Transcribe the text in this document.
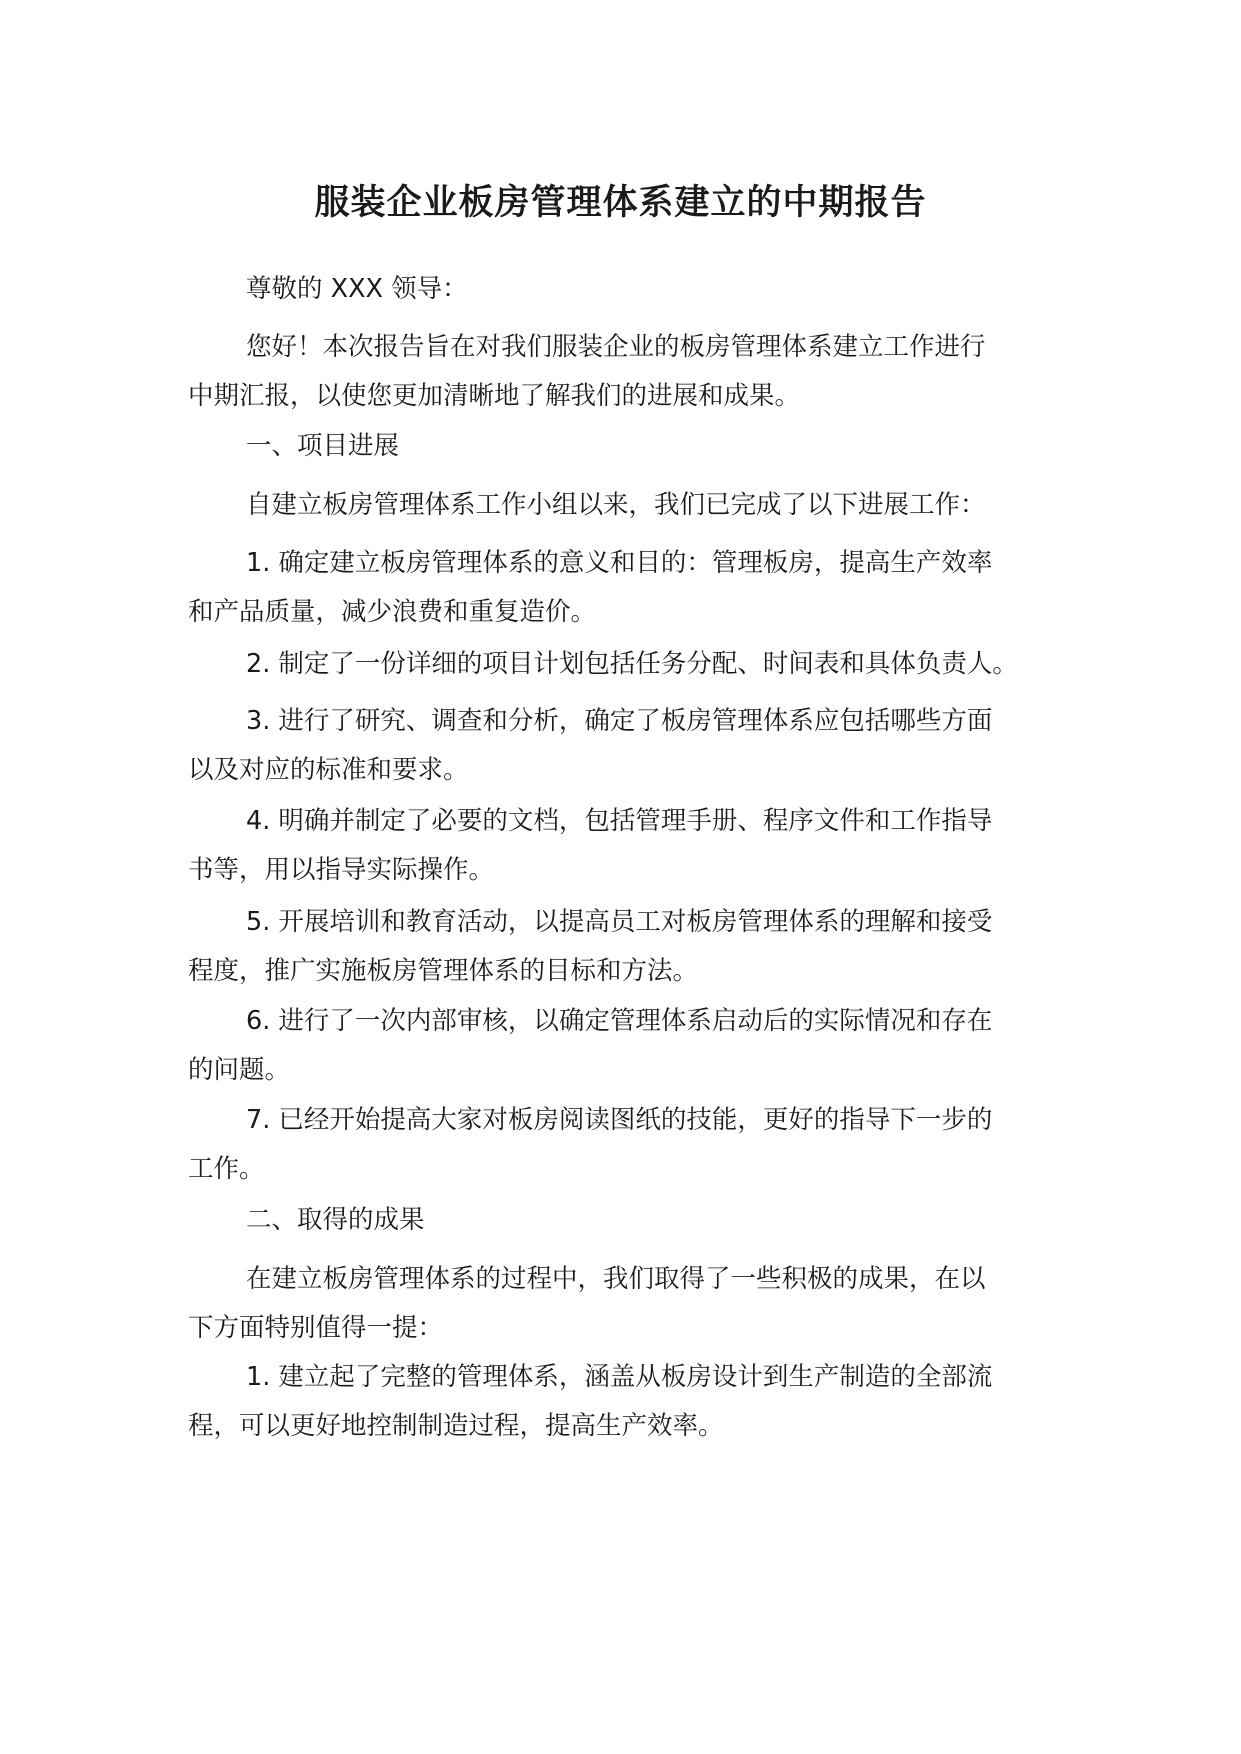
服装企业板房管理体系建立的中期报告

尊敬的 XXX 领导：

您好！本次报告旨在对我们服装企业的板房管理体系建立工作进行
中期汇报，以使您更加清晰地了解我们的进展和成果。

一、项目进展

自建立板房管理体系工作小组以来，我们已完成了以下进展工作：

1. 确定建立板房管理体系的意义和目的：管理板房，提高生产效率
和产品质量，减少浪费和重复造价。

2. 制定了一份详细的项目计划包括任务分配、时间表和具体负责人。

3. 进行了研究、调查和分析，确定了板房管理体系应包括哪些方面
以及对应的标准和要求。

4. 明确并制定了必要的文档，包括管理手册、程序文件和工作指导
书等，用以指导实际操作。

5. 开展培训和教育活动，以提高员工对板房管理体系的理解和接受
程度，推广实施板房管理体系的目标和方法。

6. 进行了一次内部审核，以确定管理体系启动后的实际情况和存在
的问题。

7. 已经开始提高大家对板房阅读图纸的技能，更好的指导下一步的
工作。

二、取得的成果

在建立板房管理体系的过程中，我们取得了一些积极的成果，在以
下方面特别值得一提：

1. 建立起了完整的管理体系，涵盖从板房设计到生产制造的全部流
程，可以更好地控制制造过程，提高生产效率。
